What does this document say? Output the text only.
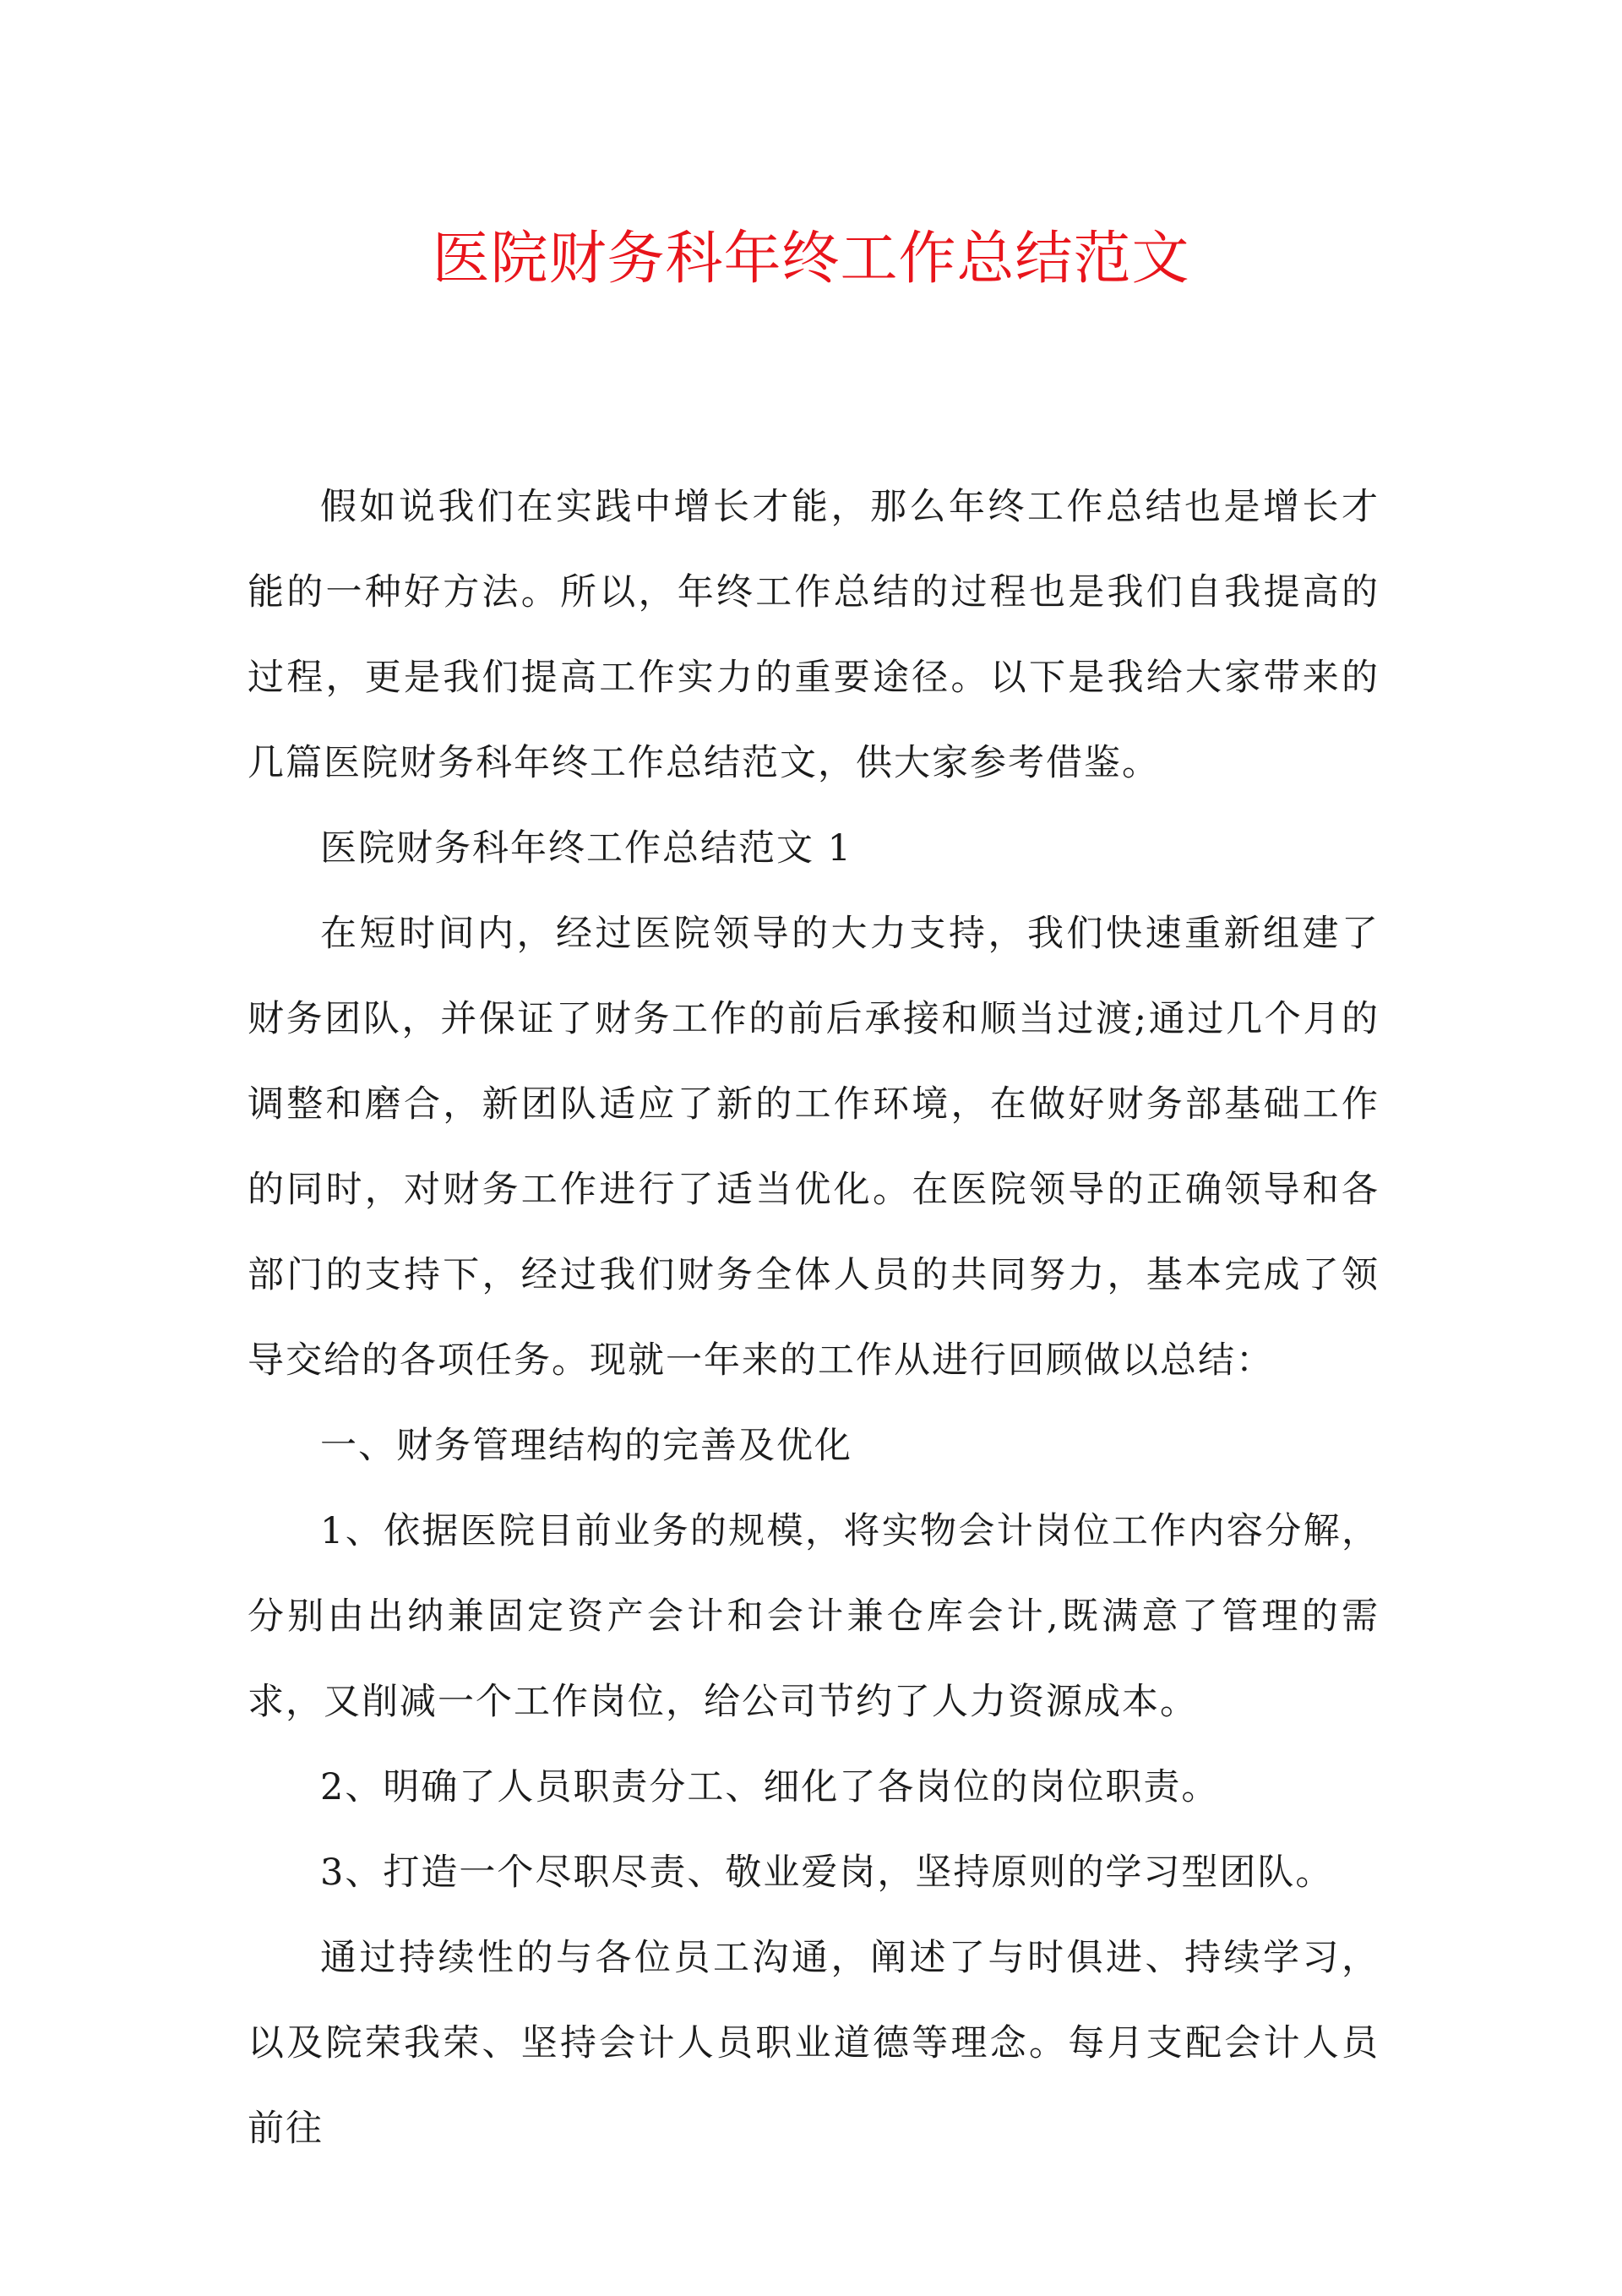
医院财务科年终工作总结范文

假如说我们在实践中增长才能，那么年终工作总结也是增长才能的一种好方法。所以，年终工作总结的过程也是我们自我提高的过程，更是我们提高工作实力的重要途径。以下是我给大家带来的几篇医院财务科年终工作总结范文，供大家参考借鉴。

医院财务科年终工作总结范文 1

在短时间内，经过医院领导的大力支持，我们快速重新组建了财务团队，并保证了财务工作的前后承接和顺当过渡;通过几个月的调整和磨合，新团队适应了新的工作环境，在做好财务部基础工作的同时，对财务工作进行了适当优化。在医院领导的正确领导和各部门的支持下，经过我们财务全体人员的共同努力，基本完成了领导交给的各项任务。现就一年来的工作从进行回顾做以总结：

一、财务管理结构的完善及优化

1、依据医院目前业务的规模，将实物会计岗位工作内容分解，分别由出纳兼固定资产会计和会计兼仓库会计,既满意了管理的需求，又削减一个工作岗位，给公司节约了人力资源成本。

2、明确了人员职责分工、细化了各岗位的岗位职责。

3、打造一个尽职尽责、敬业爱岗，坚持原则的学习型团队。

通过持续性的与各位员工沟通，阐述了与时俱进、持续学习，以及院荣我荣、坚持会计人员职业道德等理念。每月支配会计人员前往
